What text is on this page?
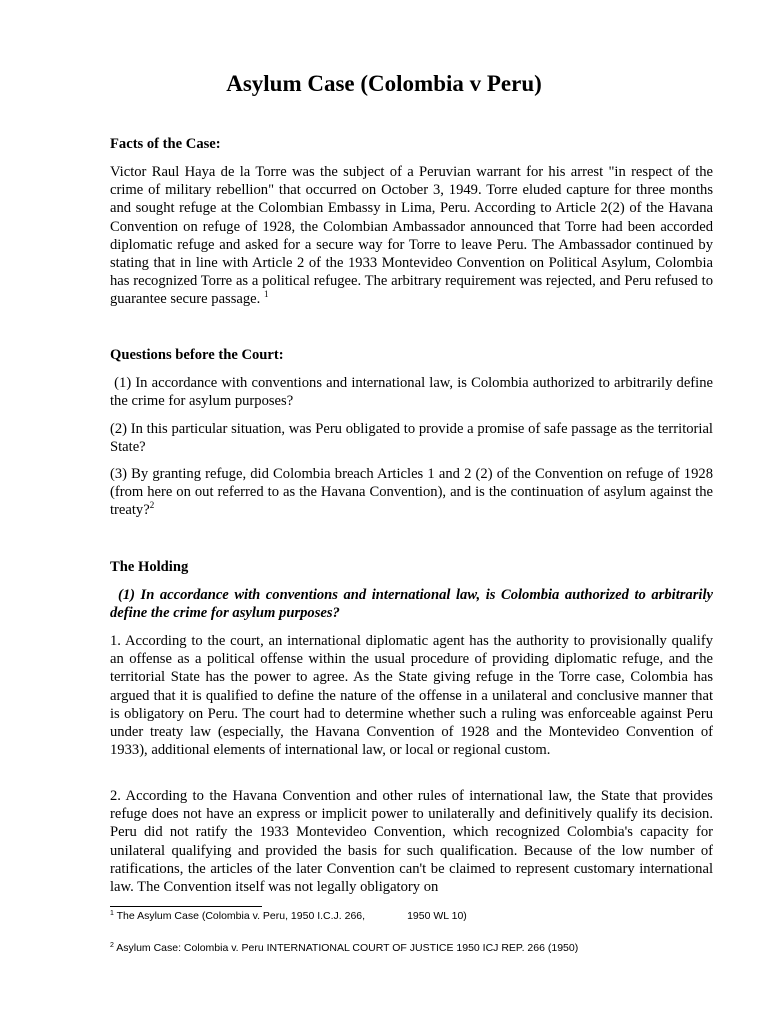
Asylum Case (Colombia v Peru)

Facts of the Case:

Victor Raul Haya de la Torre was the subject of a Peruvian warrant for his arrest "in respect of the crime of military rebellion" that occurred on October 3, 1949. Torre eluded capture for three months and sought refuge at the Colombian Embassy in Lima, Peru. According to Article 2(2) of the Havana Convention on refuge of 1928, the Colombian Ambassador announced that Torre had been accorded diplomatic refuge and asked for a secure way for Torre to leave Peru. The Ambassador continued by stating that in line with Article 2 of the 1933 Montevideo Convention on Political Asylum, Colombia has recognized Torre as a political refugee. The arbitrary requirement was rejected, and Peru refused to guarantee secure passage. $^1$

Questions before the Court:

(1) In accordance with conventions and international law, is Colombia authorized to arbitrarily define the crime for asylum purposes?

(2) In this particular situation, was Peru obligated to provide a promise of safe passage as the territorial State?

(3) By granting refuge, did Colombia breach Articles 1 and 2 (2) of the Convention on refuge of 1928 (from here on out referred to as the Havana Convention), and is the continuation of asylum against the treaty?$^2$

The Holding

(1) In accordance with conventions and international law, is Colombia authorized to arbitrarily define the crime for asylum purposes?

1. According to the court, an international diplomatic agent has the authority to provisionally qualify an offense as a political offense within the usual procedure of providing diplomatic refuge, and the territorial State has the power to agree. As the State giving refuge in the Torre case, Colombia has argued that it is qualified to define the nature of the offense in a unilateral and conclusive manner that is obligatory on Peru. The court had to determine whether such a ruling was enforceable against Peru under treaty law (especially, the Havana Convention of 1928 and the Montevideo Convention of 1933), additional elements of international law, or local or regional custom.

2. According to the Havana Convention and other rules of international law, the State that provides refuge does not have an express or implicit power to unilaterally and definitively qualify its decision. Peru did not ratify the 1933 Montevideo Convention, which recognized Colombia's capacity for unilateral qualifying and provided the basis for such qualification. Because of the low number of ratifications, the articles of the later Convention can't be claimed to represent customary international law. The Convention itself was not legally obligatory on

$^1$ The Asylum Case (Colombia v. Peru, 1950 I.C.J. 266,	1950 WL 10)

$^2$ Asylum Case: Colombia v. Peru INTERNATIONAL COURT OF JUSTICE 1950 ICJ REP. 266 (1950)
